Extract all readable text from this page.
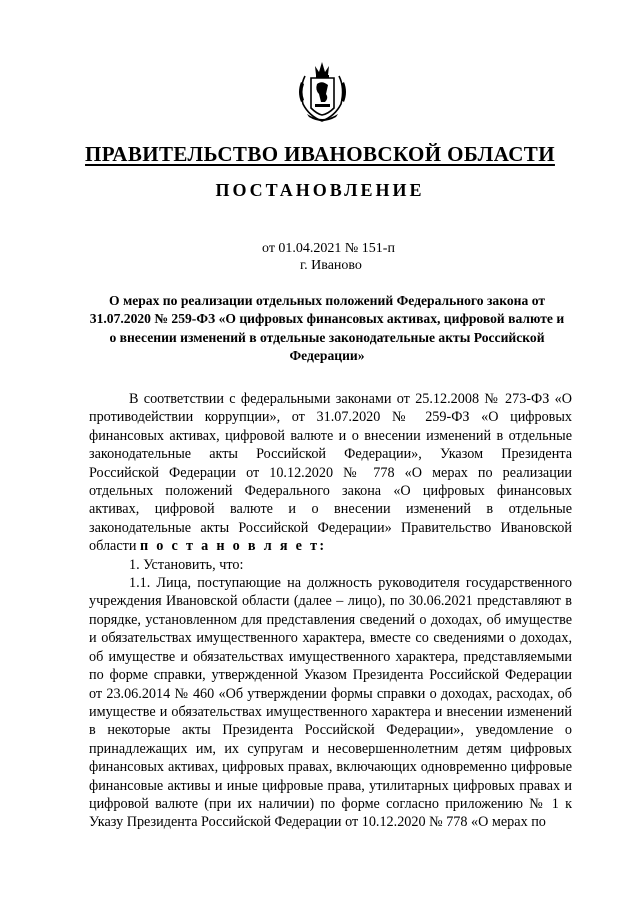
ПРАВИТЕЛЬСТВО ИВАНОВСКОЙ ОБЛАСТИ
ПОСТАНОВЛЕНИЕ
от 01.04.2021 № 151-п
г. Иваново
О мерах по реализации отдельных положений Федерального закона от 31.07.2020 № 259-ФЗ «О цифровых финансовых активах, цифровой валюте и о внесении изменений в отдельные законодательные акты Российской Федерации»

В соответствии с федеральными законами от 25.12.2008 № 273-ФЗ «О противодействии коррупции», от 31.07.2020 № 259-ФЗ «О цифровых финансовых активах, цифровой валюте и о внесении изменений в отдельные законодательные акты Российской Федерации», Указом Президента Российской Федерации от 10.12.2020 № 778 «О мерах по реализации отдельных положений Федерального закона «О цифровых финансовых активах, цифровой валюте и о внесении изменений в отдельные законодательные акты Российской Федерации» Правительство Ивановской области п о с т а н о в л я е т:

1. Установить, что:

1.1. Лица, поступающие на должность руководителя государственного учреждения Ивановской области (далее – лицо), по 30.06.2021 представляют в порядке, установленном для представления сведений о доходах, об имуществе и обязательствах имущественного характера, вместе со сведениями о доходах, об имуществе и обязательствах имущественного характера, представляемыми по форме справки, утвержденной Указом Президента Российской Федерации от 23.06.2014 № 460 «Об утверждении формы справки о доходах, расходах, об имуществе и обязательствах имущественного характера и внесении изменений в некоторые акты Президента Российской Федерации», уведомление о принадлежащих им, их супругам и несовершеннолетним детям цифровых финансовых активах, цифровых правах, включающих одновременно цифровые финансовые активы и иные цифровые права, утилитарных цифровых правах и цифровой валюте (при их наличии) по форме согласно приложению № 1 к Указу Президента Российской Федерации от 10.12.2020 № 778 «О мерах по
